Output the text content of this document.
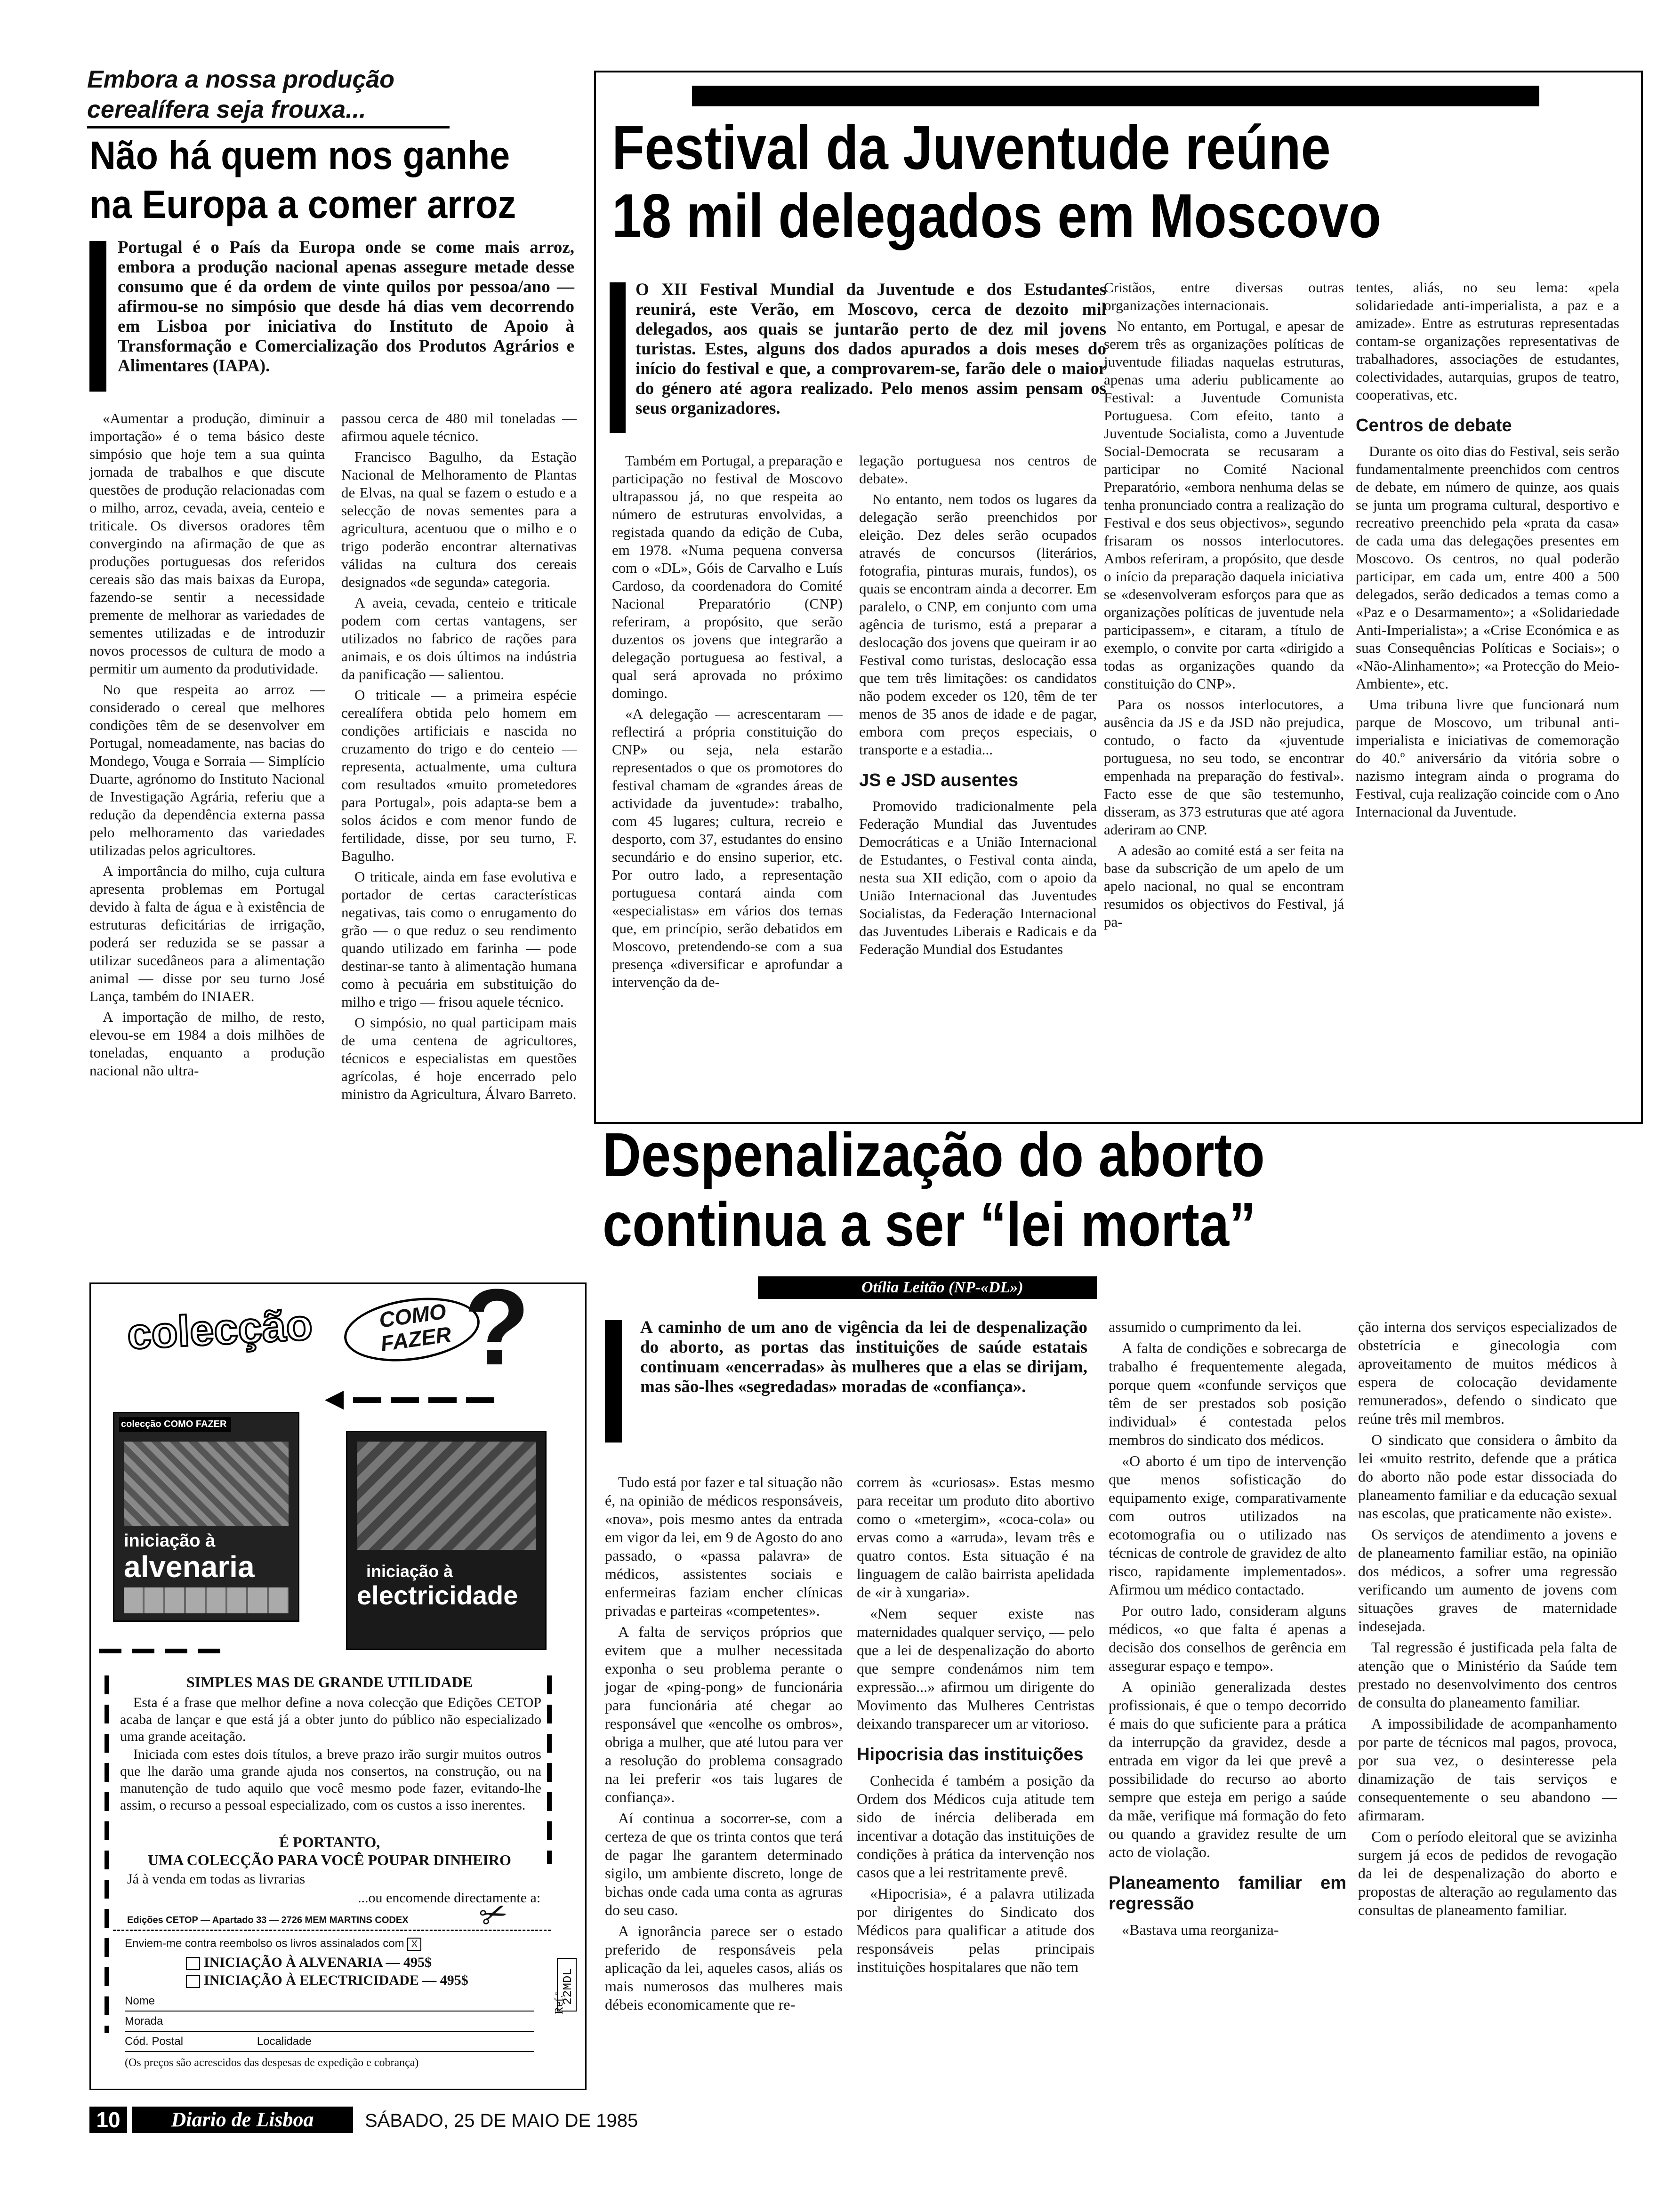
Embora a nossa produção
cerealífera seja frouxa...
Não há quem nos ganhe
na Europa a comer arroz
Portugal é o País da Europa onde se come mais arroz, embora a produção nacional apenas assegure metade desse consumo que é da ordem de vinte quilos por pessoa/ano — afirmou-se no simpósio que desde há dias vem decorrendo em Lisboa por iniciativa do Instituto de Apoio à Transformação e Comercialização dos Produtos Agrários e Alimentares (IAPA).

«Aumentar a produção, diminuir a importação» é o tema básico deste simpósio que hoje tem a sua quinta jornada de trabalhos e que discute questões de produção relacionadas com o milho, arroz, cevada, aveia, centeio e triticale. Os diversos oradores têm convergindo na afirmação de que as produções portuguesas dos referidos cereais são das mais baixas da Europa, fazendo-se sentir a necessidade premente de melhorar as variedades de sementes utilizadas e de introduzir novos processos de cultura de modo a permitir um aumento da produtividade.

No que respeita ao arroz — considerado o cereal que melhores condições têm de se desenvolver em Portugal, nomeadamente, nas bacias do Mondego, Vouga e Sorraia — Simplício Duarte, agrónomo do Instituto Nacional de Investigação Agrária, referiu que a redução da dependência externa passa pelo melhoramento das variedades utilizadas pelos agricultores.

A importância do milho, cuja cultura apresenta problemas em Portugal devido à falta de água e à existência de estruturas deficitárias de irrigação, poderá ser reduzida se se passar a utilizar sucedâneos para a alimentação animal — disse por seu turno José Lança, também do INIAER.

A importação de milho, de resto, elevou-se em 1984 a dois milhões de toneladas, enquanto a produção nacional não ultra-

passou cerca de 480 mil toneladas — afirmou aquele técnico.

Francisco Bagulho, da Estação Nacional de Melhoramento de Plantas de Elvas, na qual se fazem o estudo e a selecção de novas sementes para a agricultura, acentuou que o milho e o trigo poderão encontrar alternativas válidas na cultura dos cereais designados «de segunda» categoria.

A aveia, cevada, centeio e triticale podem com certas vantagens, ser utilizados no fabrico de rações para animais, e os dois últimos na indústria da panificação — salientou.

O triticale — a primeira espécie cerealífera obtida pelo homem em condições artificiais e nascida no cruzamento do trigo e do centeio — representa, actualmente, uma cultura com resultados «muito prometedores para Portugal», pois adapta-se bem a solos ácidos e com menor fundo de fertilidade, disse, por seu turno, F. Bagulho.

O triticale, ainda em fase evolutiva e portador de certas características negativas, tais como o enrugamento do grão — o que reduz o seu rendimento quando utilizado em farinha — pode destinar-se tanto à alimentação humana como à pecuária em substituição do milho e trigo — frisou aquele técnico.

O simpósio, no qual participam mais de uma centena de agricultores, técnicos e especialistas em questões agrícolas, é hoje encerrado pelo ministro da Agricultura, Álvaro Barreto.

Festival da Juventude reúne
18 mil delegados em Moscovo
O XII Festival Mundial da Juventude e dos Estudantes reunirá, este Verão, em Moscovo, cerca de dezoito mil delegados, aos quais se juntarão perto de dez mil jovens turistas. Estes, alguns dos dados apurados a dois meses do início do festival e que, a comprovarem-se, farão dele o maior do género até agora realizado. Pelo menos assim pensam os seus organizadores.

Também em Portugal, a preparação e participação no festival de Moscovo ultrapassou já, no que respeita ao número de estruturas envolvidas, a registada quando da edição de Cuba, em 1978. «Numa pequena conversa com o «DL», Góis de Carvalho e Luís Cardoso, da coordenadora do Comité Nacional Preparatório (CNP) referiram, a propósito, que serão duzentos os jovens que integrarão a delegação portuguesa ao festival, a qual será aprovada no próximo domingo.

«A delegação — acrescentaram — reflectirá a própria constituição do CNP» ou seja, nela estarão representados o que os promotores do festival chamam de «grandes áreas de actividade da juventude»: trabalho, com 45 lugares; cultura, recreio e desporto, com 37, estudantes do ensino secundário e do ensino superior, etc. Por outro lado, a representação portuguesa contará ainda com «especialistas» em vários dos temas que, em princípio, serão debatidos em Moscovo, pretendendo-se com a sua presença «diversificar e aprofundar a intervenção da de-

legação portuguesa nos centros de debate».

No entanto, nem todos os lugares da delegação serão preenchidos por eleição. Dez deles serão ocupados através de concursos (literários, fotografia, pinturas murais, fundos), os quais se encontram ainda a decorrer. Em paralelo, o CNP, em conjunto com uma agência de turismo, está a preparar a deslocação dos jovens que queiram ir ao Festival como turistas, deslocação essa que tem três limitações: os candidatos não podem exceder os 120, têm de ter menos de 35 anos de idade e de pagar, embora com preços especiais, o transporte e a estadia...

JS e JSD ausentes

Promovido tradicionalmente pela Federação Mundial das Juventudes Democráticas e a União Internacional de Estudantes, o Festival conta ainda, nesta sua XII edição, com o apoio da União Internacional das Juventudes Socialistas, da Federação Internacional das Juventudes Liberais e Radicais e da Federação Mundial dos Estudantes

Cristãos, entre diversas outras organizações internacionais.

No entanto, em Portugal, e apesar de serem três as organizações políticas de juventude filiadas naquelas estruturas, apenas uma aderiu publicamente ao Festival: a Juventude Comunista Portuguesa. Com efeito, tanto a Juventude Socialista, como a Juventude Social-Democrata se recusaram a participar no Comité Nacional Preparatório, «embora nenhuma delas se tenha pronunciado contra a realização do Festival e dos seus objectivos», segundo frisaram os nossos interlocutores. Ambos referiram, a propósito, que desde o início da preparação daquela iniciativa se «desenvolveram esforços para que as organizações políticas de juventude nela participassem», e citaram, a título de exemplo, o convite por carta «dirigido a todas as organizações quando da constituição do CNP».

Para os nossos interlocutores, a ausência da JS e da JSD não prejudica, contudo, o facto da «juventude portuguesa, no seu todo, se encontrar empenhada na preparação do festival». Facto esse de que são testemunho, disseram, as 373 estruturas que até agora aderiram ao CNP.

A adesão ao comité está a ser feita na base da subscrição de um apelo de um apelo nacional, no qual se encontram resumidos os objectivos do Festival, já pa-

tentes, aliás, no seu lema: «pela solidariedade anti-imperialista, a paz e a amizade». Entre as estruturas representadas contam-se organizações representativas de trabalhadores, associações de estudantes, colectividades, autarquias, grupos de teatro, cooperativas, etc.

Centros de debate

Durante os oito dias do Festival, seis serão fundamentalmente preenchidos com centros de debate, em número de quinze, aos quais se junta um programa cultural, desportivo e recreativo preenchido pela «prata da casa» de cada uma das delegações presentes em Moscovo. Os centros, no qual poderão participar, em cada um, entre 400 a 500 delegados, serão dedicados a temas como a «Paz e o Desarmamento»; a «Solidariedade Anti-Imperialista»; a «Crise Económica e as suas Consequências Políticas e Sociais»; o «Não-Alinhamento»; «a Protecção do Meio-Ambiente», etc.

Uma tribuna livre que funcionará num parque de Moscovo, um tribunal anti-imperialista e iniciativas de comemoração do 40.º aniversário da vitória sobre o nazismo integram ainda o programa do Festival, cuja realização coincide com o Ano Internacional da Juventude.

Despenalização do aborto
continua a ser “lei morta”
Otília Leitão (NP-«DL»)
A caminho de um ano de vigência da lei de despenalização do aborto, as portas das instituições de saúde estatais continuam «encerradas» às mulheres que a elas se dirijam, mas são-lhes «segredadas» moradas de «confiança».

Tudo está por fazer e tal situação não é, na opinião de médicos responsáveis, «nova», pois mesmo antes da entrada em vigor da lei, em 9 de Agosto do ano passado, o «passa palavra» de médicos, assistentes sociais e enfermeiras faziam encher clínicas privadas e parteiras «competentes».

A falta de serviços próprios que evitem que a mulher necessitada exponha o seu problema perante o jogar de «ping-pong» de funcionária para funcionária até chegar ao responsável que «encolhe os ombros», obriga a mulher, que até lutou para ver a resolução do problema consagrado na lei preferir «os tais lugares de confiança».

Aí continua a socorrer-se, com a certeza de que os trinta contos que terá de pagar lhe garantem determinado sigilo, um ambiente discreto, longe de bichas onde cada uma conta as agruras do seu caso.

A ignorância parece ser o estado preferido de responsáveis pela aplicação da lei, aqueles casos, aliás os mais numerosos das mulheres mais débeis economicamente que re-

correm às «curiosas». Estas mesmo para receitar um produto dito abortivo como o «metergim», «coca-cola» ou ervas como a «arruda», levam três e quatro contos. Esta situação é na linguagem de calão bairrista apelidada de «ir à xungaria».

«Nem sequer existe nas maternidades qualquer serviço, — pelo que a lei de despenalização do aborto que sempre condenámos nim tem expressão...» afirmou um dirigente do Movimento das Mulheres Centristas deixando transparecer um ar vitorioso.

Hipocrisia das instituições

Conhecida é também a posição da Ordem dos Médicos cuja atitude tem sido de inércia deliberada em incentivar a dotação das instituições de condições à prática da intervenção nos casos que a lei restritamente prevê.

«Hipocrisia», é a palavra utilizada por dirigentes do Sindicato dos Médicos para qualificar a atitude dos responsáveis pelas principais instituições hospitalares que não tem

assumido o cumprimento da lei.

A falta de condições e sobrecarga de trabalho é frequentemente alegada, porque quem «confunde serviços que têm de ser prestados sob posição individual» é contestada pelos membros do sindicato dos médicos.

«O aborto é um tipo de intervenção que menos sofisticação do equipamento exige, comparativamente com outros utilizados na ecotomografia ou o utilizado nas técnicas de controle de gravidez de alto risco, rapidamente implementados». Afirmou um médico contactado.

Por outro lado, consideram alguns médicos, «o que falta é apenas a decisão dos conselhos de gerência em assegurar espaço e tempo».

A opinião generalizada destes profissionais, é que o tempo decorrido é mais do que suficiente para a prática da interrupção da gravidez, desde a entrada em vigor da lei que prevê a possibilidade do recurso ao aborto sempre que esteja em perigo a saúde da mãe, verifique má formação do feto ou quando a gravidez resulte de um acto de violação.

Planeamento familiar em regressão

«Bastava uma reorganiza-

ção interna dos serviços especializados de obstetrícia e ginecologia com aproveitamento de muitos médicos à espera de colocação devidamente remunerados», defendo o sindicato que reúne três mil membros.

O sindicato que considera o âmbito da lei «muito restrito, defende que a prática do aborto não pode estar dissociada do planeamento familiar e da educação sexual nas escolas, que praticamente não existe».

Os serviços de atendimento a jovens e de planeamento familiar estão, na opinião dos médicos, a sofrer uma regressão verificando um aumento de jovens com situações graves de maternidade indesejada.

Tal regressão é justificada pela falta de atenção que o Ministério da Saúde tem prestado no desenvolvimento dos centros de consulta do planeamento familiar.

A impossibilidade de acompanhamento por parte de técnicos mal pagos, provoca, por sua vez, o desinteresse pela dinamização de tais serviços e consequentemente o seu abandono — afirmaram.

Com o período eleitoral que se avizinha surgem já ecos de pedidos de revogação da lei de despenalização do aborto e propostas de alteração ao regulamento das consultas de planeamento familiar.

colecção	COMO FAZER ?
colecção COMO FAZER
iniciação à
alvenaria	iniciação à
electricidade
SIMPLES MAS DE GRANDE UTILIDADE
Esta é a frase que melhor define a nova colecção que Edições CETOP acaba de lançar e que está já a obter junto do público não especializado uma grande aceitação.
Iniciada com estes dois títulos, a breve prazo irão surgir muitos outros que lhe darão uma grande ajuda nos consertos, na construção, ou na manutenção de tudo aquilo que você mesmo pode fazer, evitando-lhe assim, o recurso a pessoal especializado, com os custos a isso inerentes.
É PORTANTO,
UMA COLECÇÃO PARA VOCÊ POUPAR DINHEIRO
Já à venda em todas as livrarias
...ou encomende directamente a:
Edições CETOP — Apartado 33 — 2726 MEM MARTINS CODEX ✂
Enviem-me contra reembolso os livros assinalados com X
INICIAÇÃO À ALVENARIA — 495$
INICIAÇÃO À ELECTRICIDADE — 495$
Nome
Morada
Cód. Postal	Localidade
(Os preços são acrescidos das despesas de expedição e cobrança)
Ref.ª
22MDL
10	Diario de Lisboa	SÁBADO, 25 DE MAIO DE 1985
